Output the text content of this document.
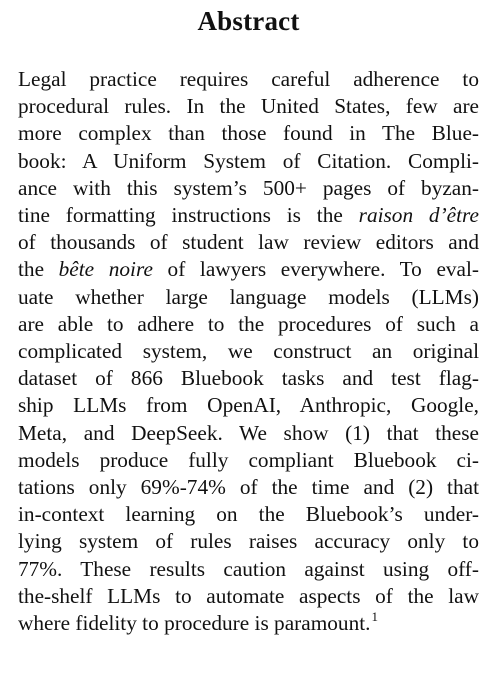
Abstract
Legal practice requires careful adherence to
procedural rules. In the United States, few are
more complex than those found in The Blue-
book: A Uniform System of Citation. Compli-
ance with this system’s 500+ pages of byzan-
tine formatting instructions is the raison d’être
of thousands of student law review editors and
the bête noire of lawyers everywhere. To eval-
uate whether large language models (LLMs)
are able to adhere to the procedures of such a
complicated system, we construct an original
dataset of 866 Bluebook tasks and test flag-
ship LLMs from OpenAI, Anthropic, Google,
Meta, and DeepSeek. We show (1) that these
models produce fully compliant Bluebook ci-
tations only 69%-74% of the time and (2) that
in-context learning on the Bluebook’s under-
lying system of rules raises accuracy only to
77%. These results caution against using off-
the-shelf LLMs to automate aspects of the law
where fidelity to procedure is paramount.$^1$
